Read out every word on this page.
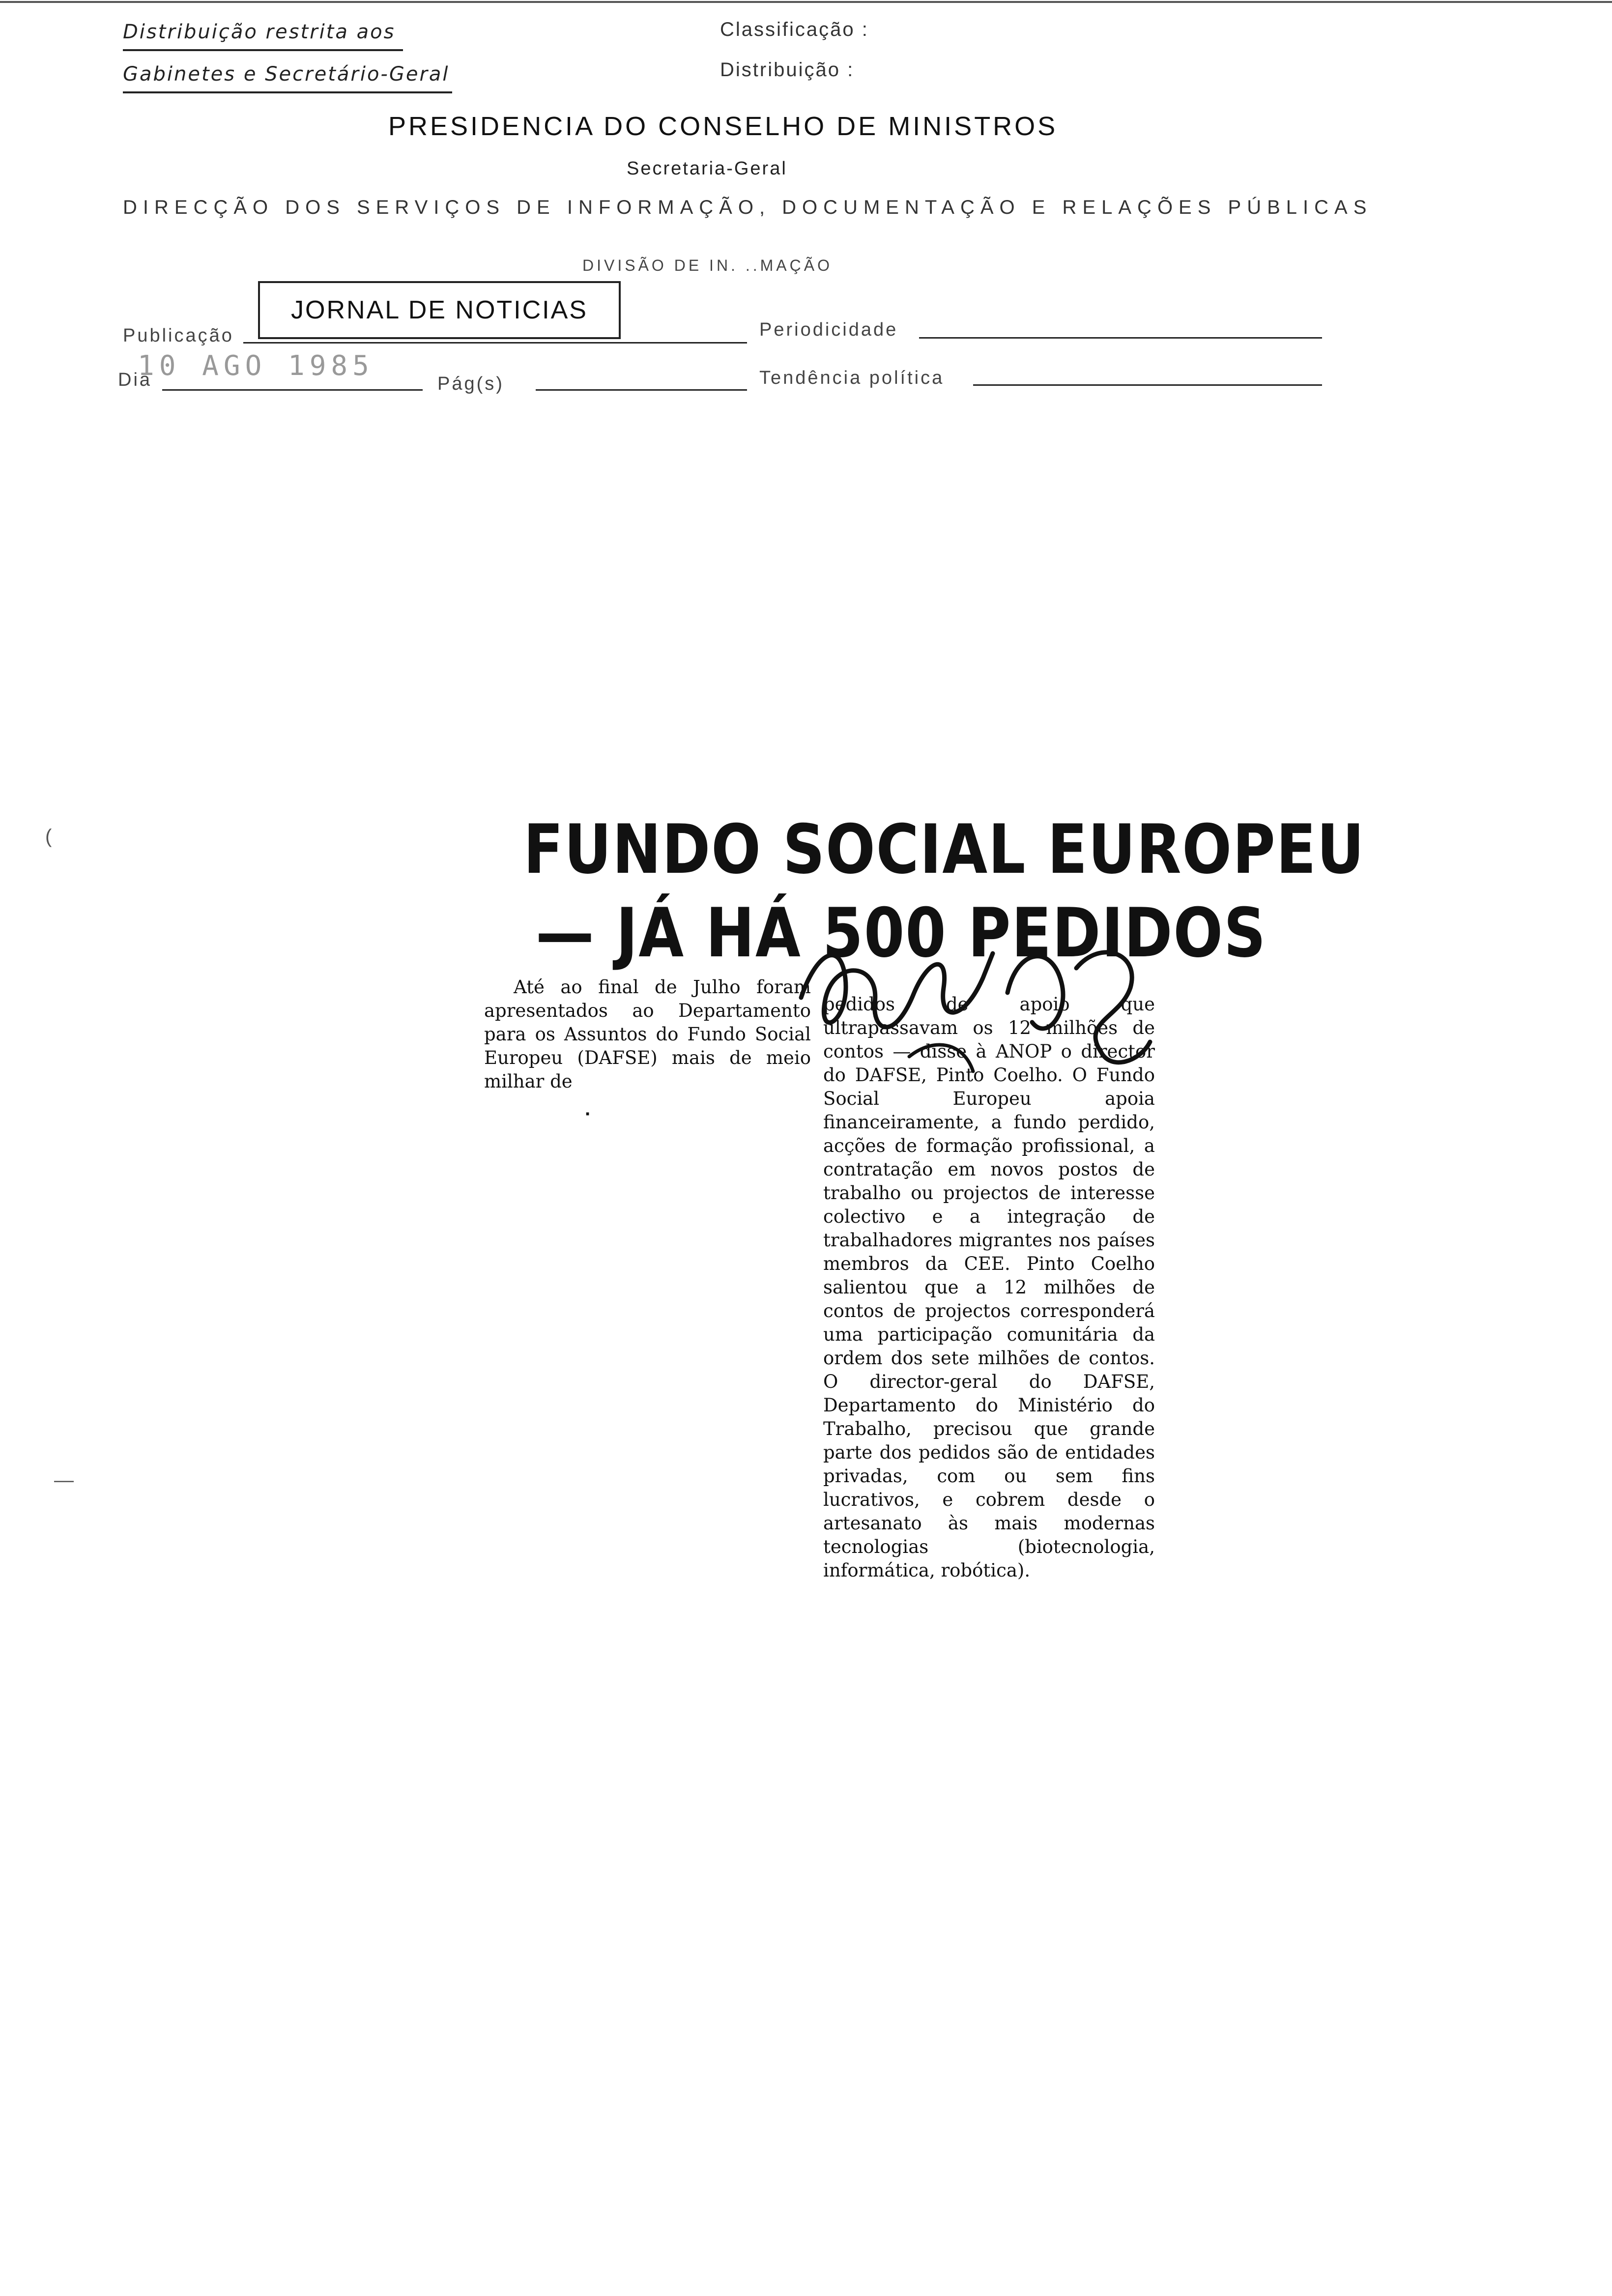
Distribuição restrita aos
Gabinetes e Secretário-Geral
Classificação :
Distribuição :
PRESIDENCIA DO CONSELHO DE MINISTROS
Secretaria-Geral
DIRECÇÃO DOS SERVIÇOS DE INFORMAÇÃO, DOCUMENTAÇÃO E RELAÇÕES PÚBLICAS
DIVISÃO DE IN. ..MAÇÃO
Publicação
JORNAL DE NOTICIAS
Periodicidade
Dia
10 AGO 1985
Pág(s)	Tendência política
(
—
FUNDO SOCIAL EUROPEU
— JÁ HÁ 500 PEDIDOS

Até ao final de Julho foram apresentados ao Departamento para os Assuntos do Fundo Social Europeu (DAFSE) mais de meio milhar de

·

pedidos de apoio que ultrapassavam os 12 milhões de contos — disse à ANOP o director do DAFSE, Pinto Coelho. O Fundo Social Europeu apoia financeiramente, a fundo perdido, acções de formação profissional, a contratação em novos postos de trabalho ou projectos de interesse colectivo e a integração de trabalhadores migrantes nos países membros da CEE. Pinto Coelho salientou que a 12 milhões de contos de projectos corresponderá uma participação comunitária da ordem dos sete milhões de contos. O director-geral do DAFSE, Departamento do Ministério do Trabalho, precisou que grande parte dos pedidos são de entidades privadas, com ou sem fins lucrativos, e cobrem desde o artesanato às mais modernas tecnologias (biotecnologia, informática, robótica).
